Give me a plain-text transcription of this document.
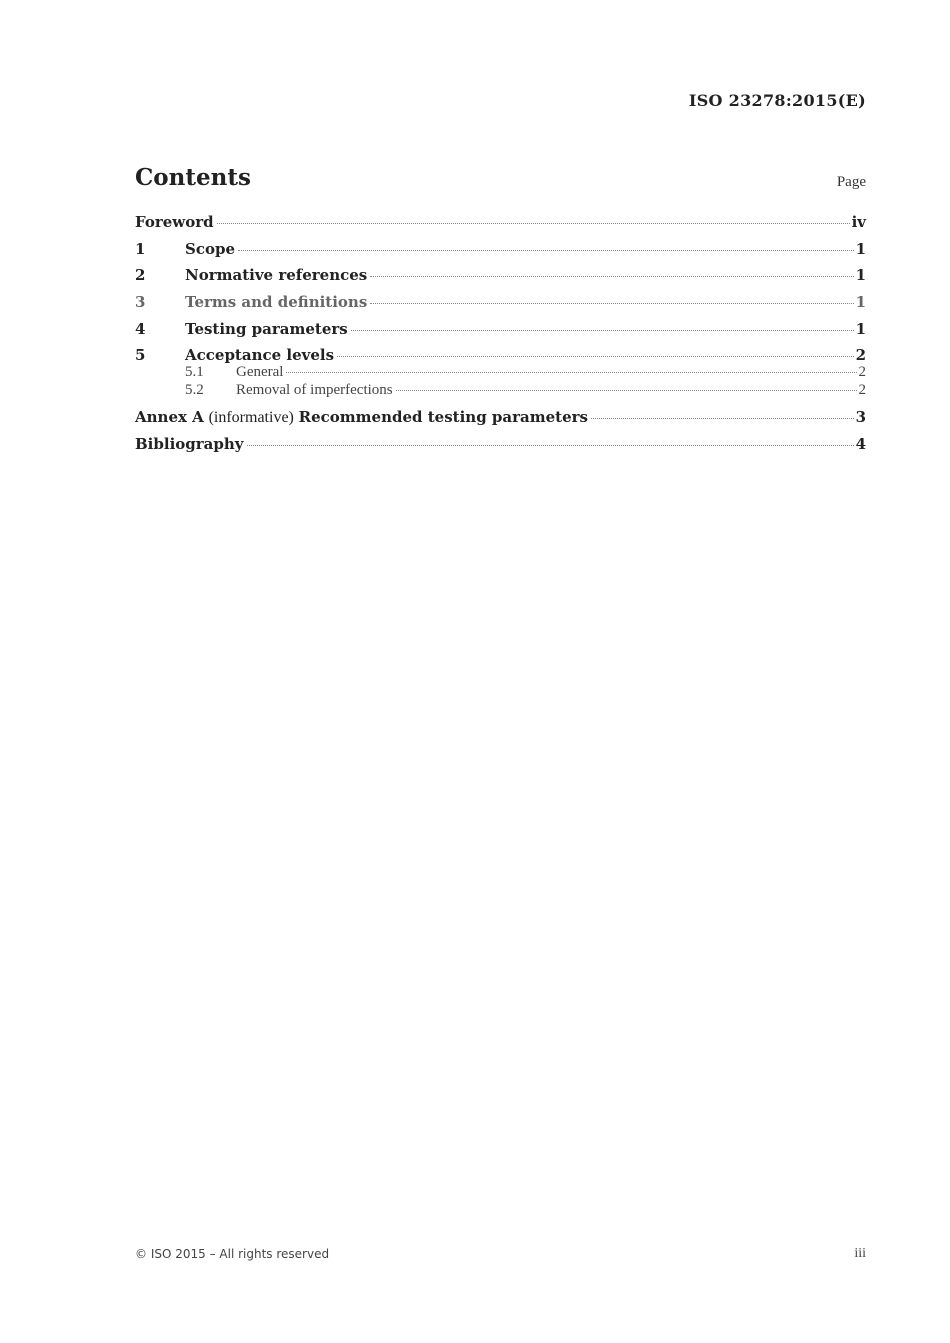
ISO 23278:2015(E)
Contents	Page
Foreword	iv
1	Scope	1
2	Normative references	1
3	Terms and definitions	1
4	Testing parameters	1
5	Acceptance levels	2
5.1	General	2
5.2	Removal of imperfections	2
Annex A (informative) Recommended testing parameters	3
Bibliography	4
© ISO 2015 – All rights reserved	iii
